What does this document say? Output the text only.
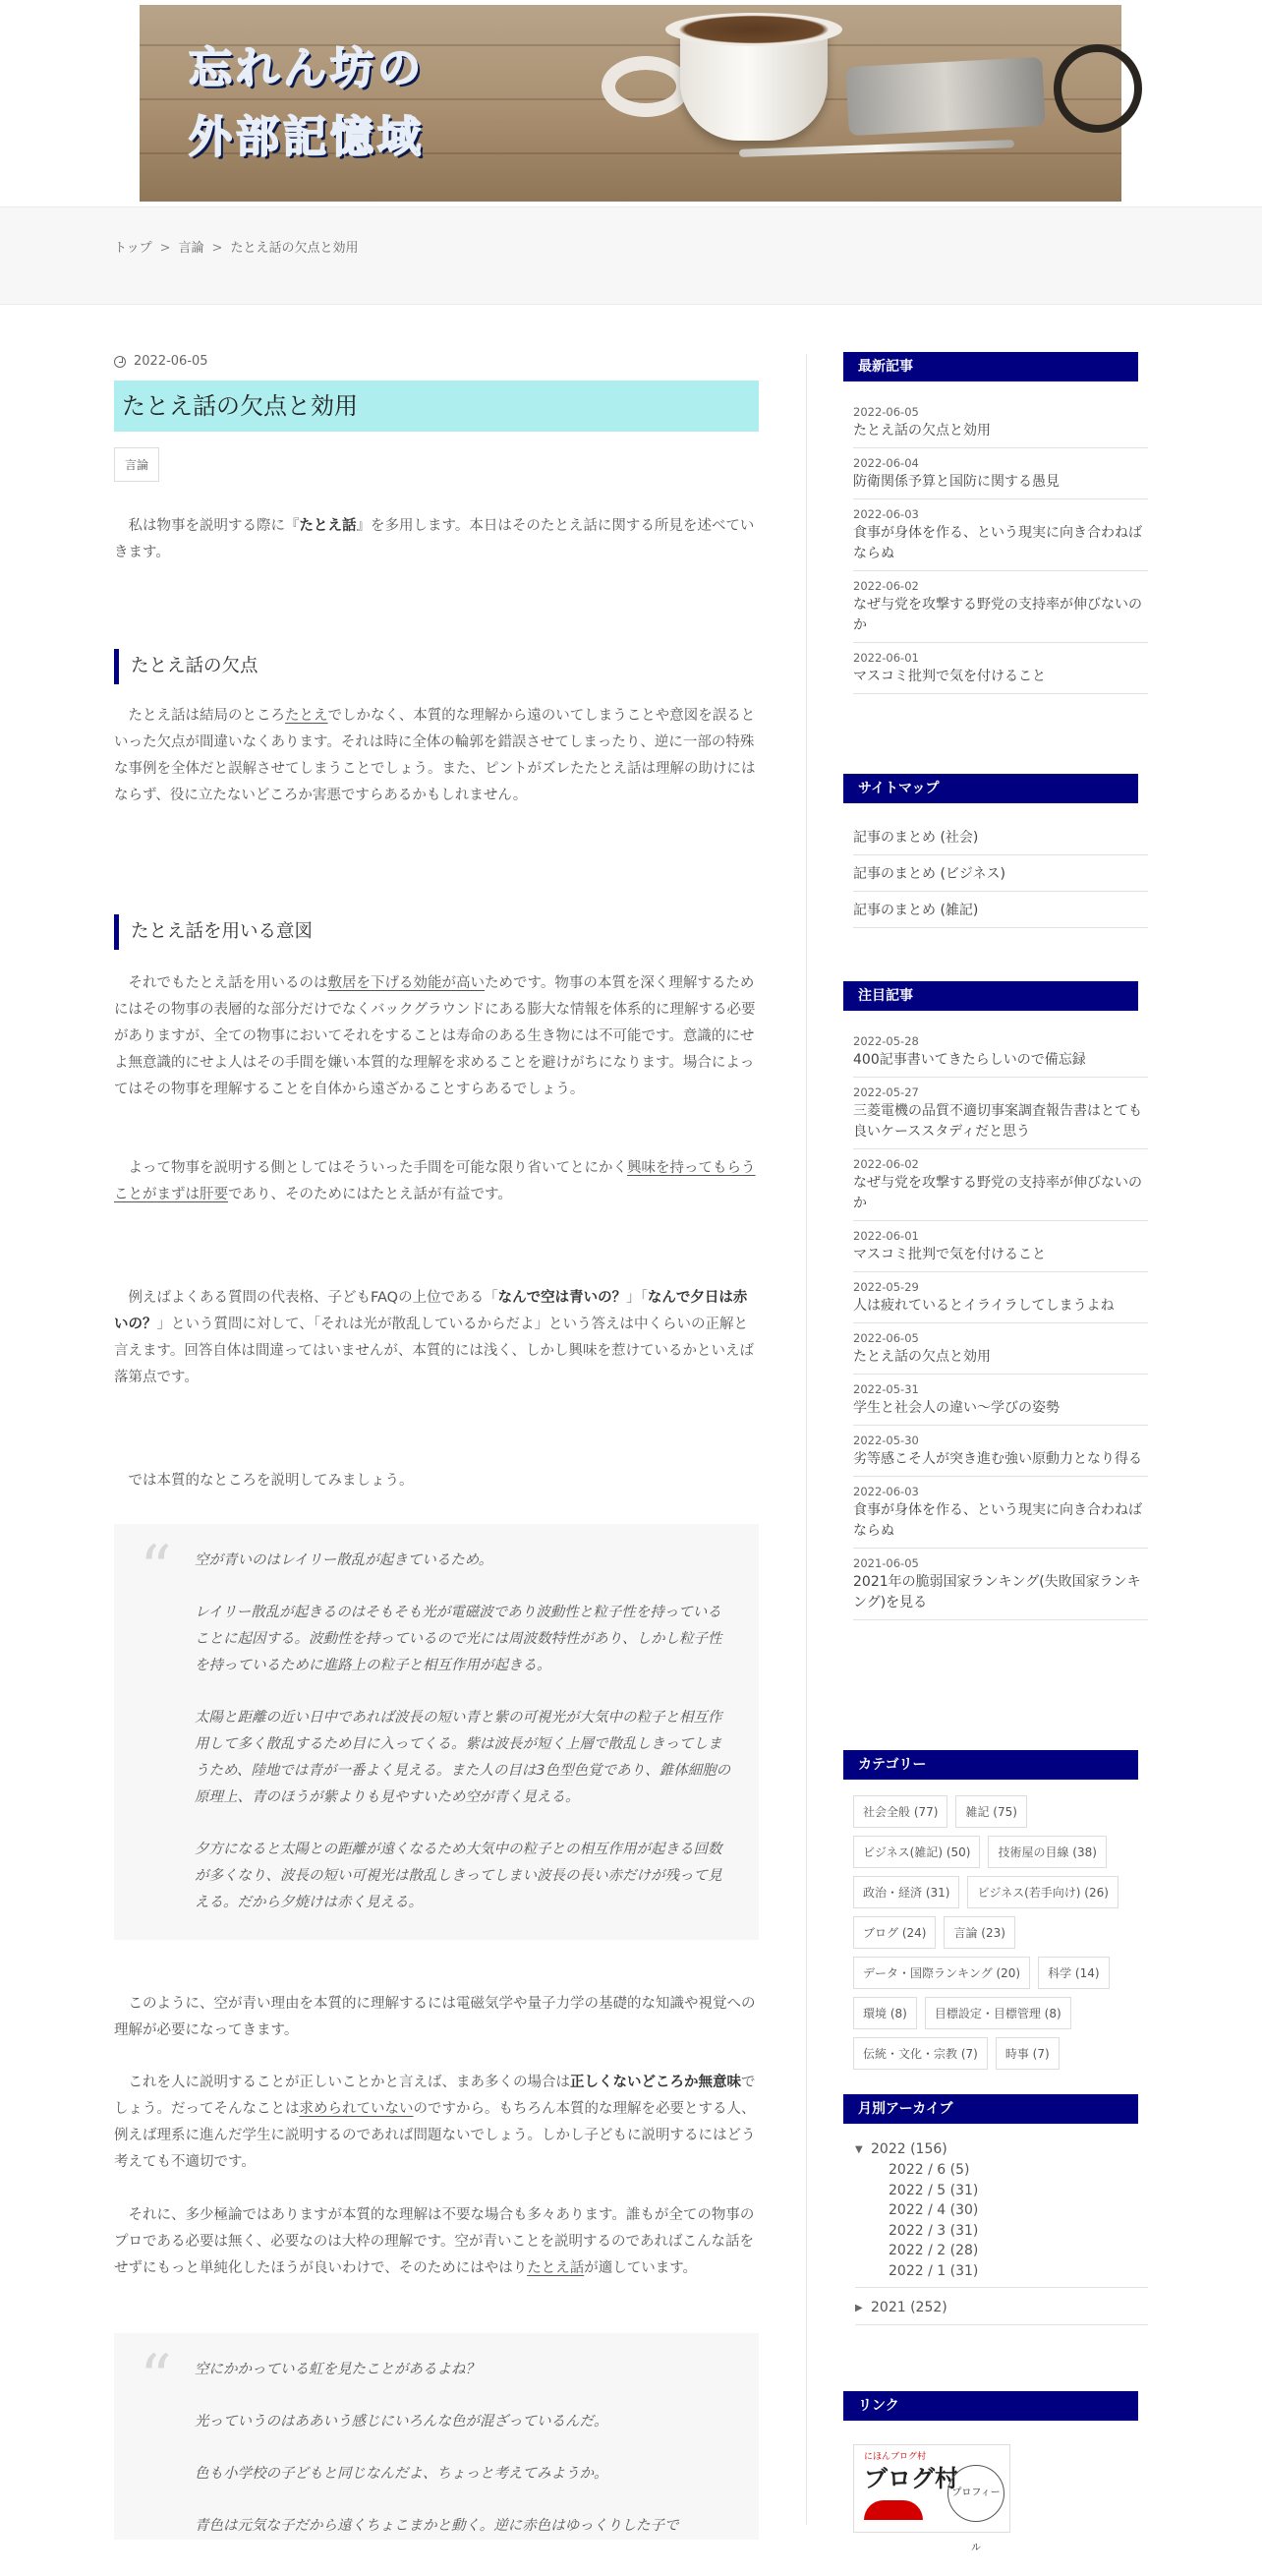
忘れん坊の
外部記憶域
トップ > 言論 > たとえ話の欠点と効用
2022-06-05
たとえ話の欠点と効用
言論

私は物事を説明する際に『たとえ話』を多用します。本日はそのたとえ話に関する所見を述べていきます。

たとえ話の欠点

たとえ話は結局のところたとえでしかなく、本質的な理解から遠のいてしまうことや意図を誤るといった欠点が間違いなくあります。それは時に全体の輪郭を錯誤させてしまったり、逆に一部の特殊な事例を全体だと誤解させてしまうことでしょう。また、ピントがズレたたとえ話は理解の助けにはならず、役に立たないどころか害悪ですらあるかもしれません。

たとえ話を用いる意図

それでもたとえ話を用いるのは敷居を下げる効能が高いためです。物事の本質を深く理解するためにはその物事の表層的な部分だけでなくバックグラウンドにある膨大な情報を体系的に理解する必要がありますが、全ての物事においてそれをすることは寿命のある生き物には不可能です。意識的にせよ無意識的にせよ人はその手間を嫌い本質的な理解を求めることを避けがちになります。場合によってはその物事を理解することを自体から遠ざかることすらあるでしょう。

よって物事を説明する側としてはそういった手間を可能な限り省いてとにかく興味を持ってもらうことがまずは肝要であり、そのためにはたとえ話が有益です。

例えばよくある質問の代表格、子どもFAQの上位である「なんで空は青いの？」「なんで夕日は赤いの？」という質問に対して、「それは光が散乱しているからだよ」という答えは中くらいの正解と言えます。回答自体は間違ってはいませんが、本質的には浅く、しかし興味を惹けているかといえば落第点です。

では本質的なところを説明してみましょう。

“ 空が青いのはレイリー散乱が起きているため。

レイリー散乱が起きるのはそもそも光が電磁波であり波動性と粒子性を持っていることに起因する。波動性を持っているので光には周波数特性があり、しかし粒子性を持っているために進路上の粒子と相互作用が起きる。

太陽と距離の近い日中であれば波長の短い青と紫の可視光が大気中の粒子と相互作用して多く散乱するため目に入ってくる。紫は波長が短く上層で散乱しきってしまうため、陸地では青が一番よく見える。また人の目は3色型色覚であり、錐体細胞の原理上、青のほうが紫よりも見やすいため空が青く見える。

夕方になると太陽との距離が遠くなるため大気中の粒子との相互作用が起きる回数が多くなり、波長の短い可視光は散乱しきってしまい波長の長い赤だけが残って見える。だから夕焼けは赤く見える。

このように、空が青い理由を本質的に理解するには電磁気学や量子力学の基礎的な知識や視覚への理解が必要になってきます。

これを人に説明することが正しいことかと言えば、まあ多くの場合は正しくないどころか無意味でしょう。だってそんなことは求められていないのですから。もちろん本質的な理解を必要とする人、例えば理系に進んだ学生に説明するのであれば問題ないでしょう。しかし子どもに説明するにはどう考えても不適切です。

それに、多少極論ではありますが本質的な理解は不要な場合も多々あります。誰もが全ての物事のプロである必要は無く、必要なのは大枠の理解です。空が青いことを説明するのであればこんな話をせずにもっと単純化したほうが良いわけで、そのためにはやはりたとえ話が適しています。

“ 空にかかっている虹を見たことがあるよね？

光っていうのはああいう感じにいろんな色が混ざっているんだ。

色も小学校の子どもと同じなんだよ、ちょっと考えてみようか。

青色は元気な子だから遠くちょこまかと動く。逆に赤色はゆっくりした子で

最新記事
2022-06-05
たとえ話の欠点と効用
2022-06-04
防衛関係予算と国防に関する愚見
2022-06-03
食事が身体を作る、という現実に向き合わねばならぬ
2022-06-02
なぜ与党を攻撃する野党の支持率が伸びないのか
2022-06-01
マスコミ批判で気を付けること
サイトマップ
記事のまとめ (社会)
記事のまとめ (ビジネス)
記事のまとめ (雑記)
注目記事
2022-05-28
400記事書いてきたらしいので備忘録
2022-05-27
三菱電機の品質不適切事案調査報告書はとても良いケーススタディだと思う
2022-06-02
なぜ与党を攻撃する野党の支持率が伸びないのか
2022-06-01
マスコミ批判で気を付けること
2022-05-29
人は疲れているとイライラしてしまうよね
2022-06-05
たとえ話の欠点と効用
2022-05-31
学生と社会人の違い〜学びの姿勢
2022-05-30
劣等感こそ人が突き進む強い原動力となり得る
2022-06-03
食事が身体を作る、という現実に向き合わねばならぬ
2021-06-05
2021年の脆弱国家ランキング(失敗国家ランキング)を見る
カテゴリー
社会全般 (77)	雑記 (75)
ビジネス(雑記) (50)	技術屋の目線 (38)
政治・経済 (31)	ビジネス(若手向け) (26)
ブログ (24)	言論 (23)
データ・国際ランキング (20)	科学 (14)
環境 (8)	目標設定・目標管理 (8)
伝統・文化・宗教 (7)	時事 (7)
月別アーカイブ
▼ 2022 (156)
2022 / 6 (5)
2022 / 5 (31)
2022 / 4 (30)
2022 / 3 (31)
2022 / 2 (28)
2022 / 1 (31)
▶ 2021 (252)
リンク
にほんブログ村
ブログ村
プロフィール
